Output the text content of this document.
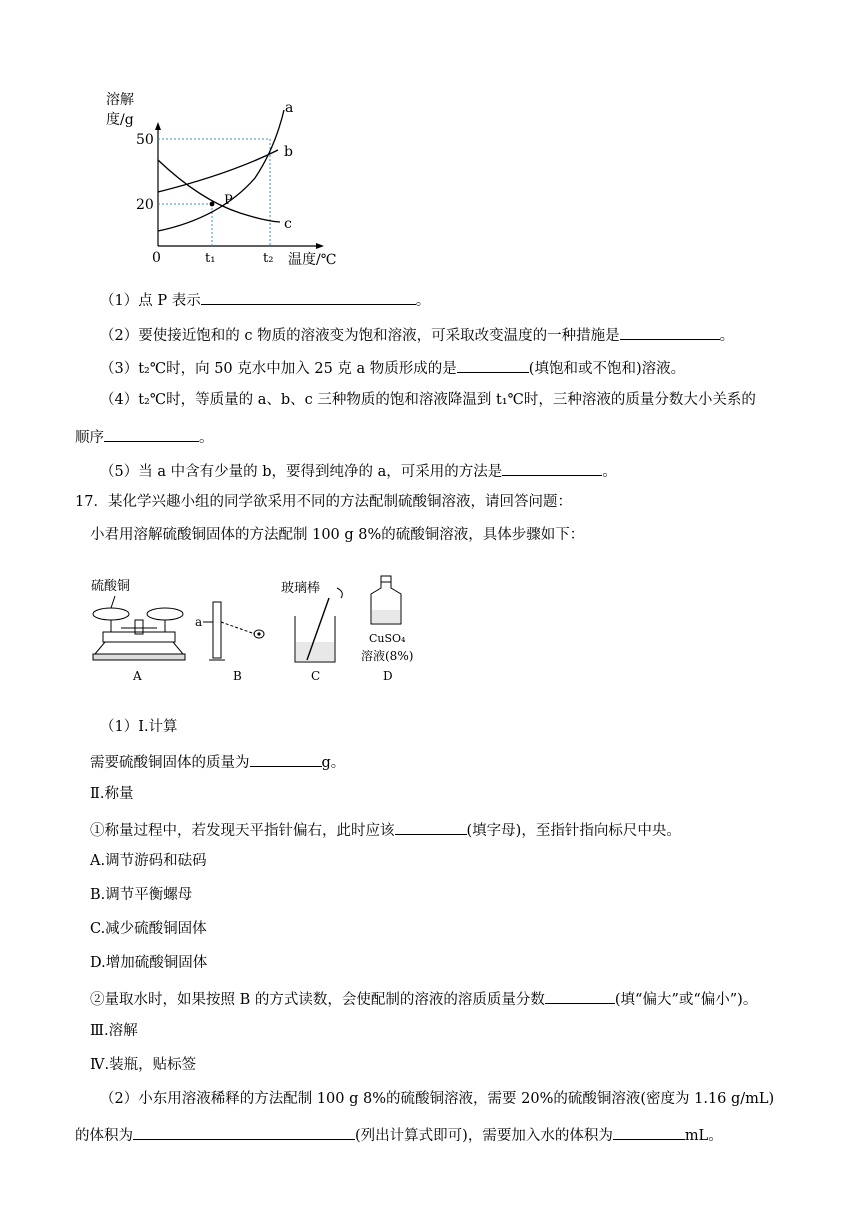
溶解
度/g
P
a
b
c
50
20
0	t₁	t₂ 温度/℃
（1）点 P 表示	。
（2）要使接近饱和的 c 物质的溶液变为饱和溶液，可采取改变温度的一种措施是	。
（3）t₂℃时，向 50 克水中加入 25 克 a 物质形成的是	(填饱和或不饱和)溶液。
（4）t₂℃时，等质量的 a、b、c 三种物质的饱和溶液降温到 t₁℃时，三种溶液的质量分数大小关系的
顺序	。
（5）当 a 中含有少量的 b，要得到纯净的 a，可采用的方法是	。
17．某化学兴趣小组的同学欲采用不同的方法配制硫酸铜溶液，请回答问题：
小君用溶解硫酸铜固体的方法配制 100 g 8%的硫酸铜溶液，具体步骤如下：
硫酸铜
A
a
B
玻璃棒
C
CuSO₄
溶液(8%)
D
（1）Ⅰ.计算
需要硫酸铜固体的质量为	g。
Ⅱ.称量
①称量过程中，若发现天平指针偏右，此时应该	(填字母)，至指针指向标尺中央。
A.调节游码和砝码
B.调节平衡螺母
C.减少硫酸铜固体
D.增加硫酸铜固体
②量取水时，如果按照 B 的方式读数，会使配制的溶液的溶质质量分数	(填“偏大”或“偏小”)。
Ⅲ.溶解
Ⅳ.装瓶，贴标签
（2）小东用溶液稀释的方法配制 100 g 8%的硫酸铜溶液，需要 20%的硫酸铜溶液(密度为 1.16 g/mL)
的体积为	(列出计算式即可)，需要加入水的体积为	mL。
